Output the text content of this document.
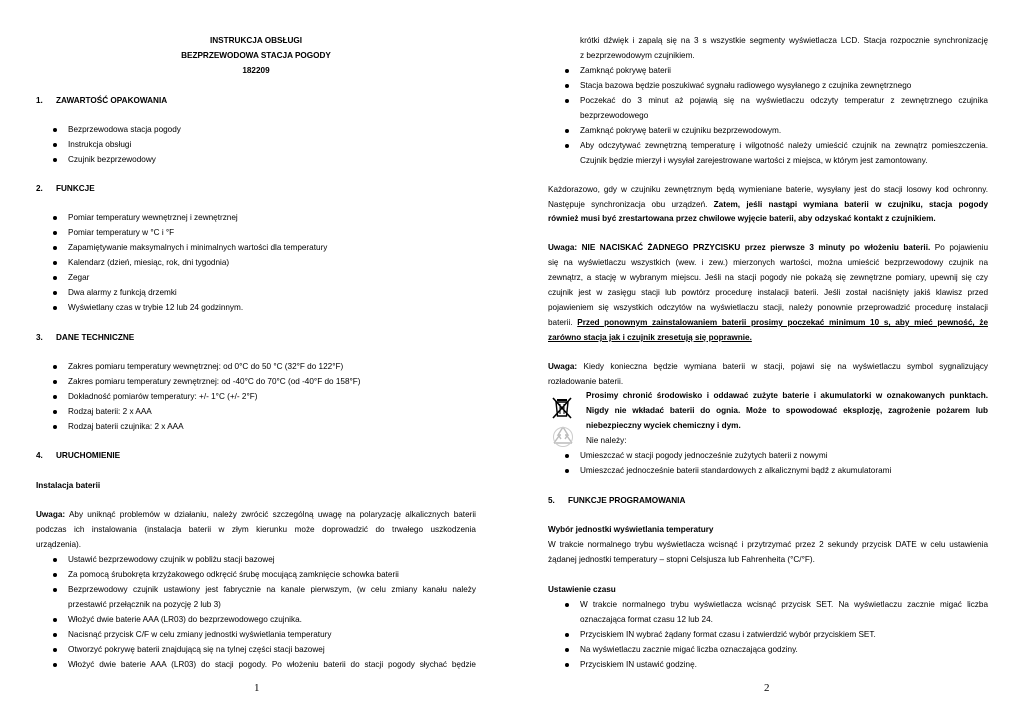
INSTRUKCJA OBSŁUGI
BEZPRZEWODOWA STACJA POGODY
182209
1. ZAWARTOŚĆ OPAKOWANIA
Bezprzewodowa stacja pogody
Instrukcja obsługi
Czujnik bezprzewodowy
2. FUNKCJE
Pomiar temperatury wewnętrznej i zewnętrznej
Pomiar temperatury w °C i °F
Zapamiętywanie maksymalnych i minimalnych wartości dla temperatury
Kalendarz (dzień, miesiąc, rok, dni tygodnia)
Zegar
Dwa alarmy z funkcją drzemki
Wyświetlany czas w trybie 12 lub 24 godzinnym.
3. DANE TECHNICZNE
Zakres pomiaru temperatury wewnętrznej: od 0°C do 50 °C (32°F do 122°F)
Zakres pomiaru temperatury zewnętrznej: od -40°C do 70°C (od -40°F do 158°F)
Dokładność pomiarów temperatury: +/- 1°C (+/- 2°F)
Rodzaj baterii: 2 x AAA
Rodzaj baterii czujnika: 2 x AAA
4. URUCHOMIENIE
Instalacja baterii
Uwaga: Aby uniknąć problemów w działaniu, należy zwrócić szczególną uwagę na polaryzację alkalicznych baterii
podczas ich instalowania (instalacja baterii w złym kierunku może doprowadzić do trwałego uszkodzenia
urządzenia).
Ustawić bezprzewodowy czujnik w pobliżu stacji bazowej
Za pomocą śrubokręta krzyżakowego odkręcić śrubę mocującą zamknięcie schowka baterii
Bezprzewodowy czujnik ustawiony jest fabrycznie na kanale pierwszym, (w celu zmiany kanału należy
przestawić przełącznik na pozycję 2 lub 3)
Włożyć dwie baterie AAA (LR03) do bezprzewodowego czujnika.
Nacisnąć przycisk C/F w celu zmiany jednostki wyświetlania temperatury
Otworzyć pokrywę baterii znajdującą się na tylnej części stacji bazowej
Włożyć dwie baterie AAA (LR03) do stacji pogody. Po włożeniu baterii do stacji pogody słychać będzie
1
krótki dźwięk i zapalą się na 3 s wszystkie segmenty wyświetlacza LCD. Stacja rozpocznie synchronizację
z bezprzewodowym czujnikiem.
Zamknąć pokrywę baterii
Stacja bazowa będzie poszukiwać sygnału radiowego wysyłanego z czujnika zewnętrznego
Poczekać do 3 minut aż pojawią się na wyświetlaczu odczyty temperatur z zewnętrznego czujnika
bezprzewodowego
Zamknąć pokrywę baterii w czujniku bezprzewodowym.
Aby odczytywać zewnętrzną temperaturę i wilgotność należy umieścić czujnik na zewnątrz pomieszczenia.
Czujnik będzie mierzył i wysyłał zarejestrowane wartości z miejsca, w którym jest zamontowany.
Każdorazowo, gdy w czujniku zewnętrznym będą wymieniane baterie, wysyłany jest do stacji losowy kod ochronny.
Następuje synchronizacja obu urządzeń. Zatem, jeśli nastąpi wymiana baterii w czujniku, stacja pogody
również musi być zrestartowana przez chwilowe wyjęcie baterii, aby odzyskać kontakt z czujnikiem.
Uwaga: NIE NACISKAĆ ŻADNEGO PRZYCISKU przez pierwsze 3 minuty po włożeniu baterii. Po pojawieniu
się na wyświetlaczu wszystkich (wew. i zew.) mierzonych wartości, można umieścić bezprzewodowy czujnik na
zewnątrz, a stację w wybranym miejscu. Jeśli na stacji pogody nie pokażą się zewnętrzne pomiary, upewnij się czy
czujnik jest w zasięgu stacji lub powtórz procedurę instalacji baterii. Jeśli został naciśnięty jakiś klawisz przed
pojawieniem się wszystkich odczytów na wyświetlaczu stacji, należy ponownie przeprowadzić procedurę instalacji
baterii. Przed ponownym zainstalowaniem baterii prosimy poczekać minimum 10 s, aby mieć pewność, że
zarówno stacja jak i czujnik zresetują się poprawnie.
Uwaga: Kiedy konieczna będzie wymiana baterii w stacji, pojawi się na wyświetlaczu symbol sygnalizujący
rozładowanie baterii.
Prosimy chronić środowisko i oddawać zużyte baterie i akumulatorki w oznakowanych punktach.
Nigdy nie wkładać baterii do ognia. Może to spowodować eksplozję, zagrożenie pożarem lub
niebezpieczny wyciek chemiczny i dym.
Nie należy:
Umieszczać w stacji pogody jednocześnie zużytych baterii z nowymi
Umieszczać jednocześnie baterii standardowych z alkalicznymi bądź z akumulatorami
5. FUNKCJE PROGRAMOWANIA
Wybór jednostki wyświetlania temperatury
W trakcie normalnego trybu wyświetlacza wcisnąć i przytrzymać przez 2 sekundy przycisk DATE w celu ustawienia
żądanej jednostki temperatury – stopni Celsjusza lub Fahrenheita (°C/°F).
Ustawienie czasu
W trakcie normalnego trybu wyświetlacza wcisnąć przycisk SET. Na wyświetlaczu zacznie migać liczba
oznaczająca format czasu 12 lub 24.
Przyciskiem IN wybrać żądany format czasu i zatwierdzić wybór przyciskiem SET.
Na wyświetlaczu zacznie migać liczba oznaczająca godziny.
Przyciskiem IN ustawić godzinę.
2
